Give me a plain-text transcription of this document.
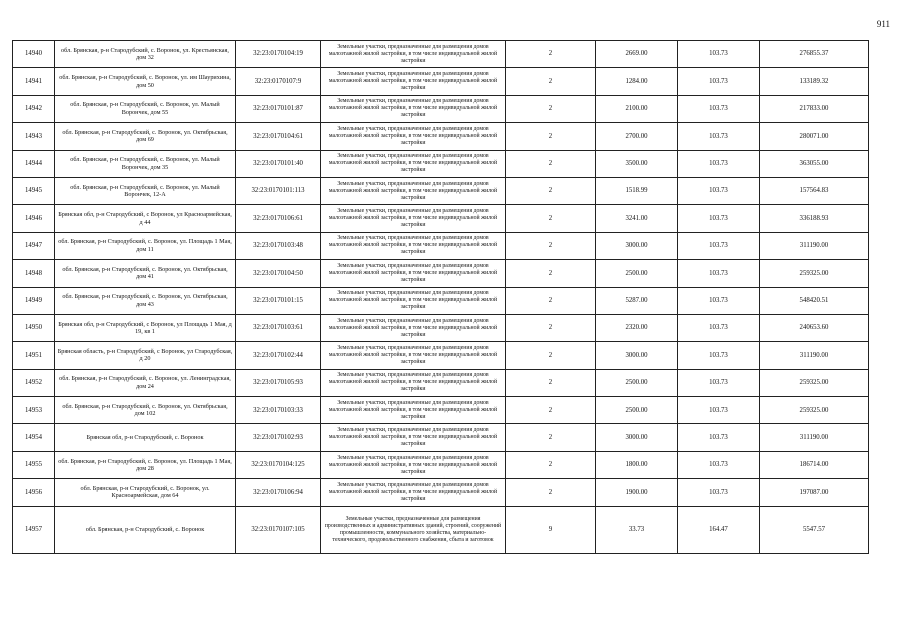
911
14940	обл. Брянская, р-н Стародубский, с. Воронок, ул. Крестьянская, дом 32	32:23:0170104:19	Земельные участки, предназначенные для размещения домов малоэтажной жилой застройки, в том числе индивидуальной жилой застройки	2	2669.00	103.73	276855.37
14941	обл. Брянская, р-н Стародубский, с. Воронок, ул. им Шаурихина, дом 50	32:23:0170107:9	Земельные участки, предназначенные для размещения домов малоэтажной жилой застройки, в том числе индивидуальной жилой застройки	2	1284.00	103.73	133189.32
14942	обл. Брянская, р-н Стародубский, с. Воронок, ул. Малый Ворончек, дом 55	32:23:0170101:87	Земельные участки, предназначенные для размещения домов малоэтажной жилой застройки, в том числе индивидуальной жилой застройки	2	2100.00	103.73	217833.00
14943	обл. Брянская, р-н Стародубский, с. Воронок, ул. Октябрьская, дом 69	32:23:0170104:61	Земельные участки, предназначенные для размещения домов малоэтажной жилой застройки, в том числе индивидуальной жилой застройки	2	2700.00	103.73	280071.00
14944	обл. Брянская, р-н Стародубский, с. Воронок, ул. Малый Ворончек, дом 35	32:23:0170101:40	Земельные участки, предназначенные для размещения домов малоэтажной жилой застройки, в том числе индивидуальной жилой застройки	2	3500.00	103.73	363055.00
14945	обл. Брянская, р-н Стародубский, с. Воронок, ул. Малый Ворончек, 12-А	32:23:0170101:113	Земельные участки, предназначенные для размещения домов малоэтажной жилой застройки, в том числе индивидуальной жилой застройки	2	1518.99	103.73	157564.83
14946	Брянская обл, р-н Стародубский, с Воронок, ул Красноармейская, д 44	32:23:0170106:61	Земельные участки, предназначенные для размещения домов малоэтажной жилой застройки, в том числе индивидуальной жилой застройки	2	3241.00	103.73	336188.93
14947	обл. Брянская, р-н Стародубский, с. Воронок, ул. Площадь 1 Мая, дом 11	32:23:0170103:48	Земельные участки, предназначенные для размещения домов малоэтажной жилой застройки, в том числе индивидуальной жилой застройки	2	3000.00	103.73	311190.00
14948	обл. Брянская, р-н Стародубский, с. Воронок, ул. Октябрьская, дом 41	32:23:0170104:50	Земельные участки, предназначенные для размещения домов малоэтажной жилой застройки, в том числе индивидуальной жилой застройки	2	2500.00	103.73	259325.00
14949	обл. Брянская, р-н Стародубский, с. Воронок, ул. Октябрьская, дом 43	32:23:0170101:15	Земельные участки, предназначенные для размещения домов малоэтажной жилой застройки, в том числе индивидуальной жилой застройки	2	5287.00	103.73	548420.51
14950	Брянская обл, р-н Стародубский, с Воронок, ул Площадь 1 Мая, д 19, кв 1	32:23:0170103:61	Земельные участки, предназначенные для размещения домов малоэтажной жилой застройки, в том числе индивидуальной жилой застройки	2	2320.00	103.73	240653.60
14951	Брянская область, р-н Стародубский, с Воронок, ул Стародубская, д 20	32:23:0170102:44	Земельные участки, предназначенные для размещения домов малоэтажной жилой застройки, в том числе индивидуальной жилой застройки	2	3000.00	103.73	311190.00
14952	обл. Брянская, р-н Стародубский, с. Воронок, ул. Ленинградская, дом 24	32:23:0170105:93	Земельные участки, предназначенные для размещения домов малоэтажной жилой застройки, в том числе индивидуальной жилой застройки	2	2500.00	103.73	259325.00
14953	обл. Брянская, р-н Стародубский, с. Воронок, ул. Октябрьская, дом 102	32:23:0170103:33	Земельные участки, предназначенные для размещения домов малоэтажной жилой застройки, в том числе индивидуальной жилой застройки	2	2500.00	103.73	259325.00
14954	Брянская обл, р-н Стародубский, с. Воронок	32:23:0170102:93	Земельные участки, предназначенные для размещения домов малоэтажной жилой застройки, в том числе индивидуальной жилой застройки	2	3000.00	103.73	311190.00
14955	обл. Брянская, р-н Стародубский, с. Воронок, ул. Площадь 1 Мая, дом 28	32:23:0170104:125	Земельные участки, предназначенные для размещения домов малоэтажной жилой застройки, в том числе индивидуальной жилой застройки	2	1800.00	103.73	186714.00
14956	обл. Брянская, р-н Стародубский, с. Воронок, ул. Красноармейская, дом 64	32:23:0170106:94	Земельные участки, предназначенные для размещения домов малоэтажной жилой застройки, в том числе индивидуальной жилой застройки	2	1900.00	103.73	197087.00
14957	обл. Брянская, р-н Стародубский, с. Воронок	32:23:0170107:105	Земельные участки, предназначенные для размещения производственных и административных зданий, строений, сооружений промышленности, коммунального хозяйства, материально-технического, продовольственного снабжения, сбыта и заготовок	9	33.73	164.47	5547.57
